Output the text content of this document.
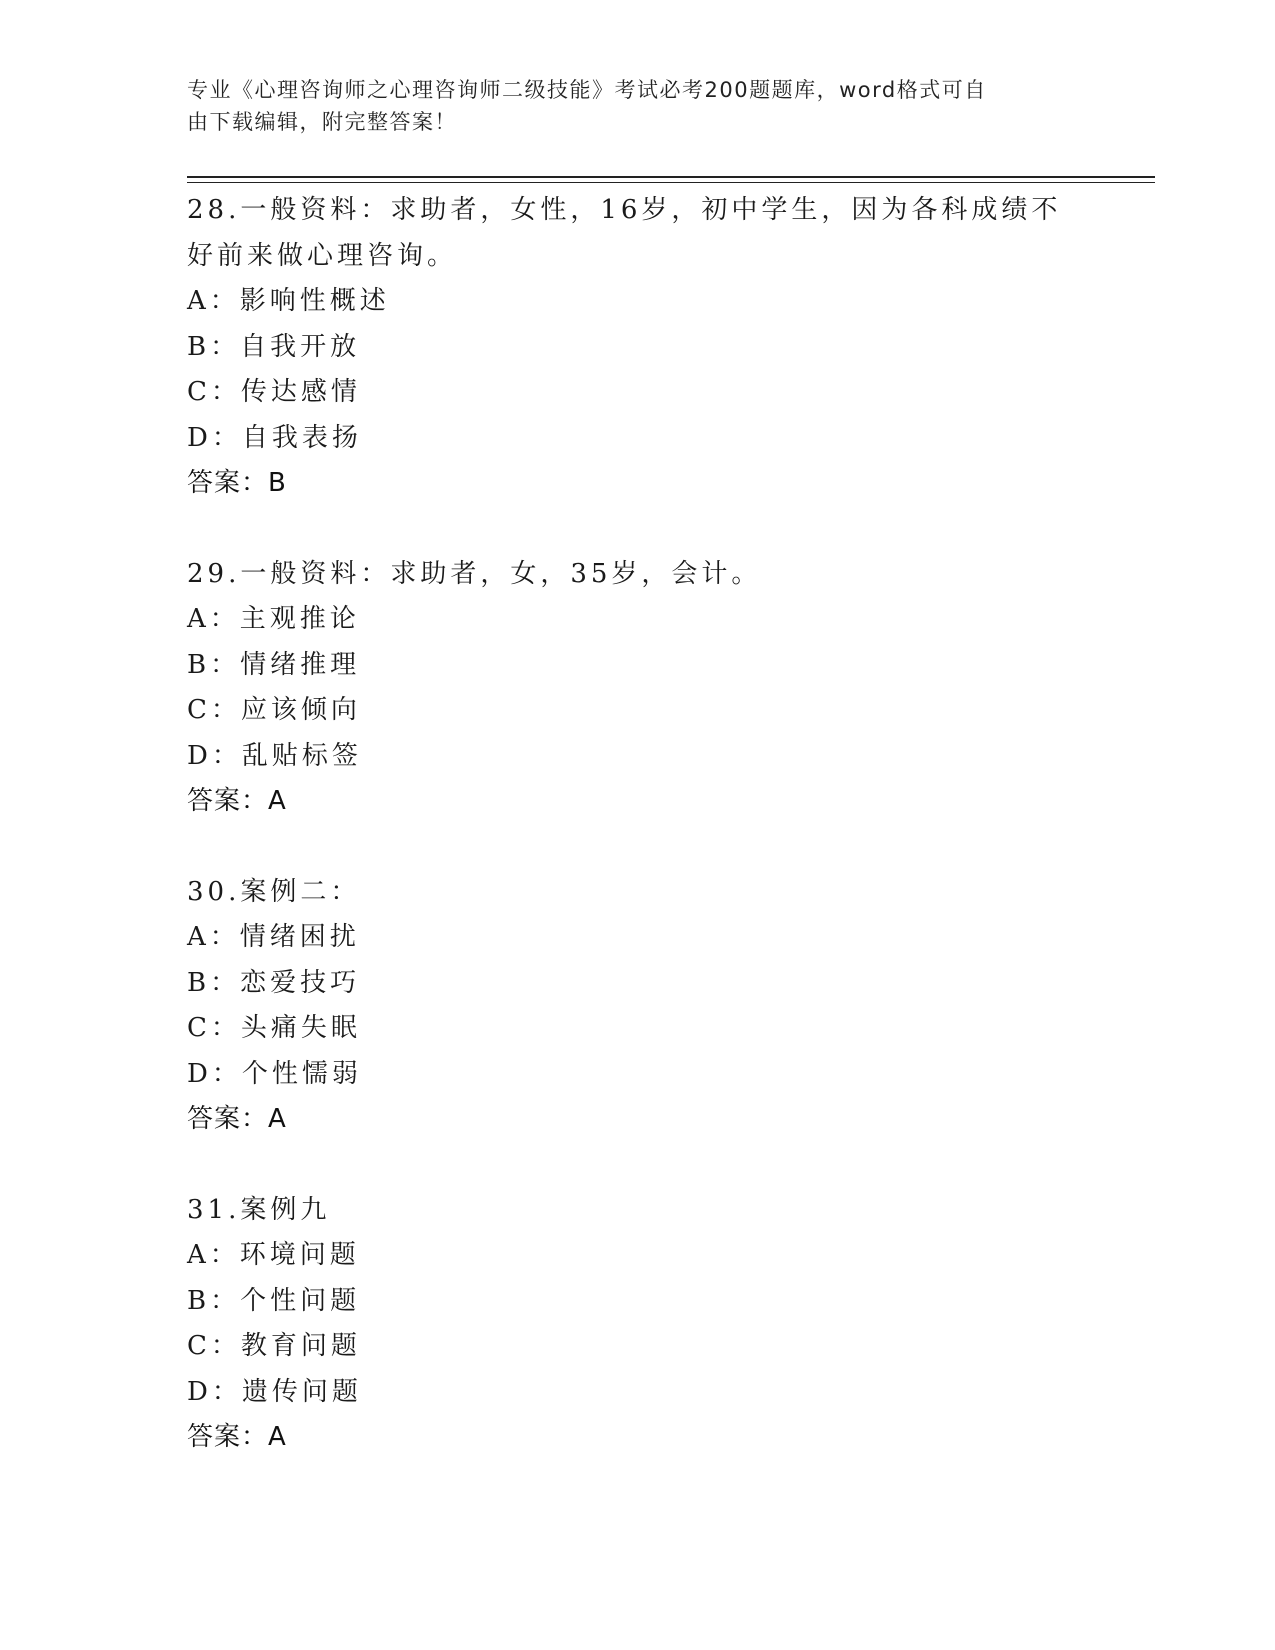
专业《心理咨询师之心理咨询师二级技能》考试必考200题题库，word格式可自
由下载编辑，附完整答案！
28.一般资料：求助者，女性，16岁，初中学生，因为各科成绩不好前来做心理咨询。
A：影响性概述
B：自我开放
C：传达感情
D：自我表扬
答案：B
29.一般资料：求助者，女，35岁，会计。
A：主观推论
B：情绪推理
C：应该倾向
D：乱贴标签
答案：A
30.案例二：
A：情绪困扰
B：恋爱技巧
C：头痛失眠
D：个性懦弱
答案：A
31.案例九
A：环境问题
B：个性问题
C：教育问题
D：遗传问题
答案：A
